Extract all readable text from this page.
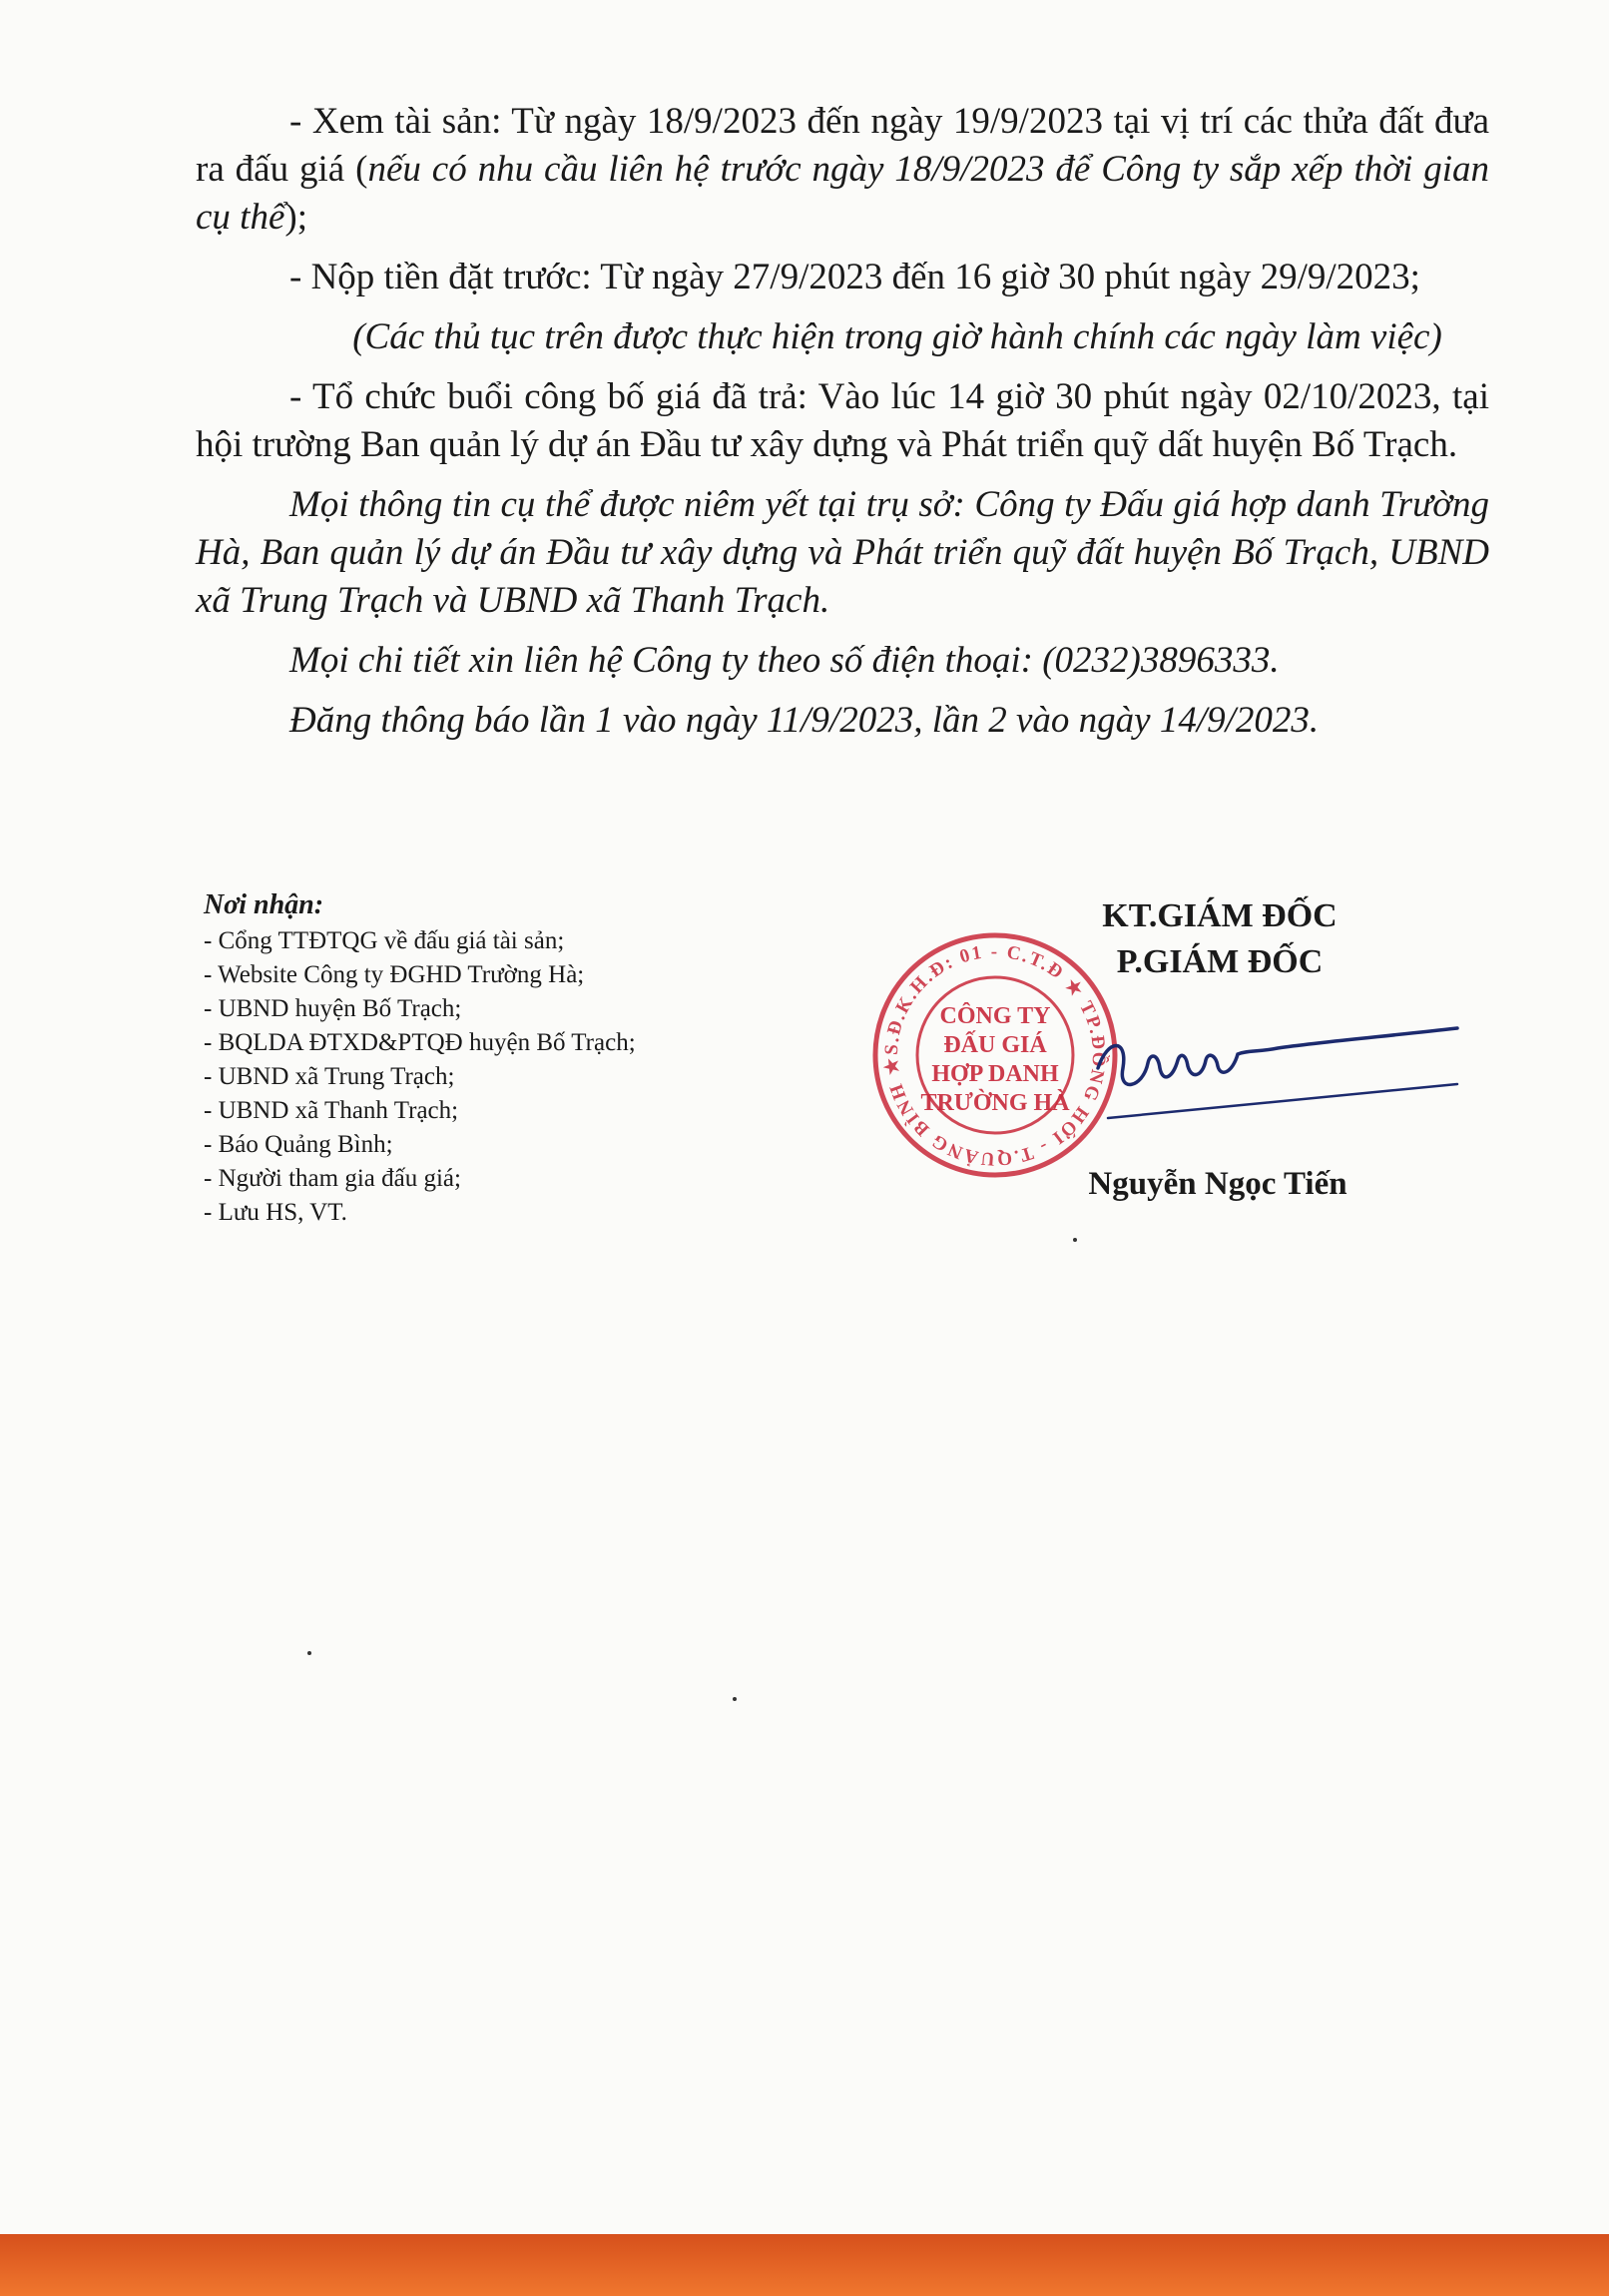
- Xem tài sản: Từ ngày 18/9/2023 đến ngày 19/9/2023 tại vị trí các thửa đất đưa ra đấu giá (nếu có nhu cầu liên hệ trước ngày 18/9/2023 để Công ty sắp xếp thời gian cụ thể);

- Nộp tiền đặt trước: Từ ngày 27/9/2023 đến 16 giờ 30 phút ngày 29/9/2023;

(Các thủ tục trên được thực hiện trong giờ hành chính các ngày làm việc)

- Tổ chức buổi công bố giá đã trả: Vào lúc 14 giờ 30 phút ngày 02/10/2023, tại hội trường Ban quản lý dự án Đầu tư xây dựng và Phát triển quỹ dất huyện Bố Trạch.

Mọi thông tin cụ thể được niêm yết tại trụ sở: Công ty Đấu giá hợp danh Trường Hà, Ban quản lý dự án Đầu tư xây dựng và Phát triển quỹ đất huyện Bố Trạch, UBND xã Trung Trạch và UBND xã Thanh Trạch.

Mọi chi tiết xin liên hệ Công ty theo số điện thoại: (0232)3896333.

Đăng thông báo lần 1 vào ngày 11/9/2023, lần 2 vào ngày 14/9/2023.

Nơi nhận:
- Cổng TTĐTQG về đấu giá tài sản;
- Website Công ty ĐGHD Trường Hà;
- UBND huyện Bố Trạch;
- BQLDA ĐTXD&PTQĐ huyện Bố Trạch;
- UBND xã Trung Trạch;
- UBND xã Thanh Trạch;
- Báo Quảng Bình;
- Người tham gia đấu giá;
- Lưu HS, VT.
KT.GIÁM ĐỐC
P.GIÁM ĐỐC
S.Đ.K.H.Đ: 01 - C.T.Đ ★ TP.ĐỒNG HỚI - T.QUẢNG BÌNH ★
CÔNG TY
ĐẤU GIÁ
HỢP DANH
TRƯỜNG HÀ
Nguyễn Ngọc Tiến
